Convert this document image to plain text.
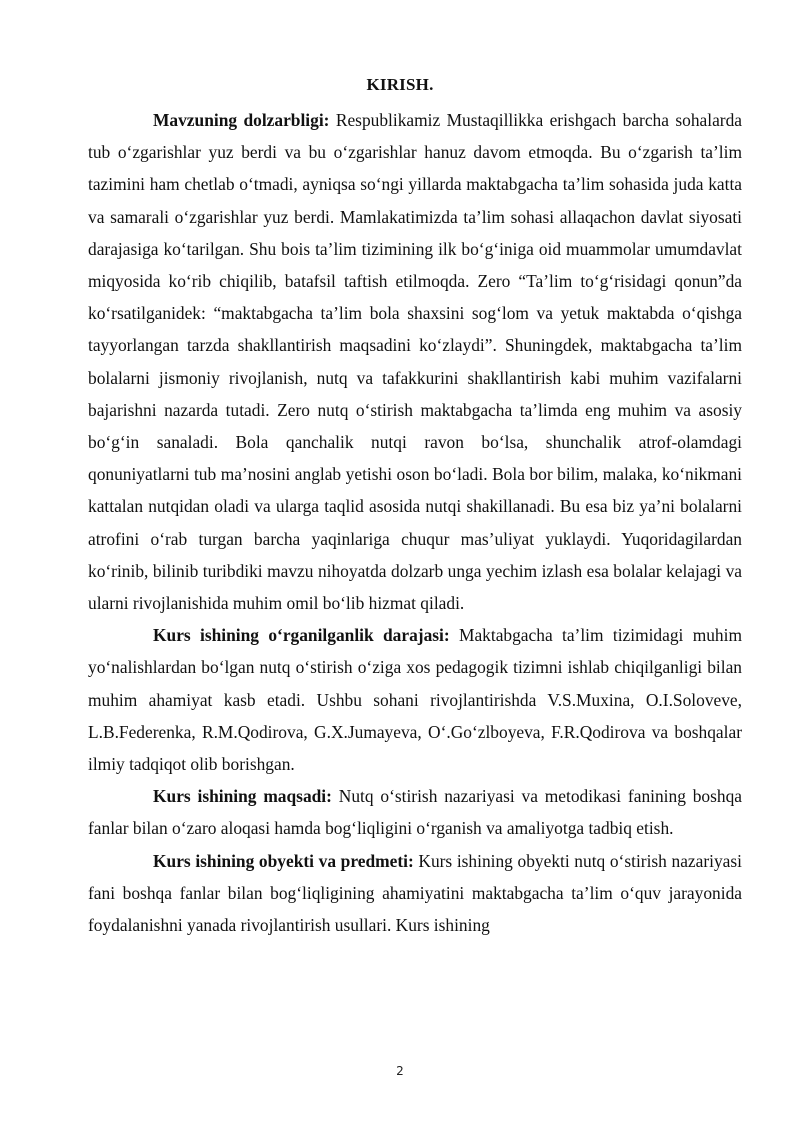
KIRISH.

Mavzuning dolzarbligi: Respublikamiz Mustaqillikka erishgach barcha sohalarda tub o‘zgarishlar yuz berdi va bu o‘zgarishlar hanuz davom etmoqda. Bu o‘zgarish ta’lim tazimini ham chetlab o‘tmadi, ayniqsa so‘ngi yillarda maktabgacha ta’lim sohasida juda katta va samarali o‘zgarishlar yuz berdi. Mamlakatimizda ta’lim sohasi allaqachon davlat siyosati darajasiga ko‘tarilgan. Shu bois ta’lim tizimining ilk bo‘g‘iniga oid muammolar umumdavlat miqyosida ko‘rib chiqilib, batafsil taftish etilmoqda. Zero “Ta’lim to‘g‘risidagi qonun”da ko‘rsatilganidek: “maktabgacha ta’lim bola shaxsini sog‘lom va yetuk maktabda o‘qishga tayyorlangan tarzda shakllantirish maqsadini ko‘zlaydi”. Shuningdek, maktabgacha ta’lim bolalarni jismoniy rivojlanish, nutq va tafakkurini shakllantirish kabi muhim vazifalarni bajarishni nazarda tutadi. Zero nutq o‘stirish maktabgacha ta’limda eng muhim va asosiy bo‘g‘in sanaladi. Bola qanchalik nutqi ravon bo‘lsa, shunchalik atrof-olamdagi qonuniyatlarni tub ma’nosini anglab yetishi oson bo‘ladi. Bola bor bilim, malaka, ko‘nikmani kattalan nutqidan oladi va ularga taqlid asosida nutqi shakillanadi. Bu esa biz ya’ni bolalarni atrofini o‘rab turgan barcha yaqinlariga chuqur mas’uliyat yuklaydi. Yuqoridagilardan ko‘rinib, bilinib turibdiki mavzu nihoyatda dolzarb unga yechim izlash esa bolalar kelajagi va ularni rivojlanishida muhim omil bo‘lib hizmat qiladi.

Kurs ishining o‘rganilganlik darajasi: Maktabgacha ta’lim tizimidagi muhim yo‘nalishlardan bo‘lgan nutq o‘stirish o‘ziga xos pedagogik tizimni ishlab chiqilganligi bilan muhim ahamiyat kasb etadi. Ushbu sohani rivojlantirishda V.S.Muxina, O.I.Soloveve, L.B.Federenka, R.M.Qodirova, G.X.Jumayeva, O‘.Go‘zlboyeva, F.R.Qodirova va boshqalar ilmiy tadqiqot olib borishgan.

Kurs ishining maqsadi: Nutq o‘stirish nazariyasi va metodikasi fanining boshqa fanlar bilan o‘zaro aloqasi hamda bog‘liqligini o‘rganish va amaliyotga tadbiq etish.

Kurs ishining obyekti va predmeti: Kurs ishining obyekti nutq o‘stirish nazariyasi fani boshqa fanlar bilan bog‘liqligining ahamiyatini maktabgacha ta’lim o‘quv jarayonida foydalanishni yanada rivojlantirish usullari. Kurs ishining

2
